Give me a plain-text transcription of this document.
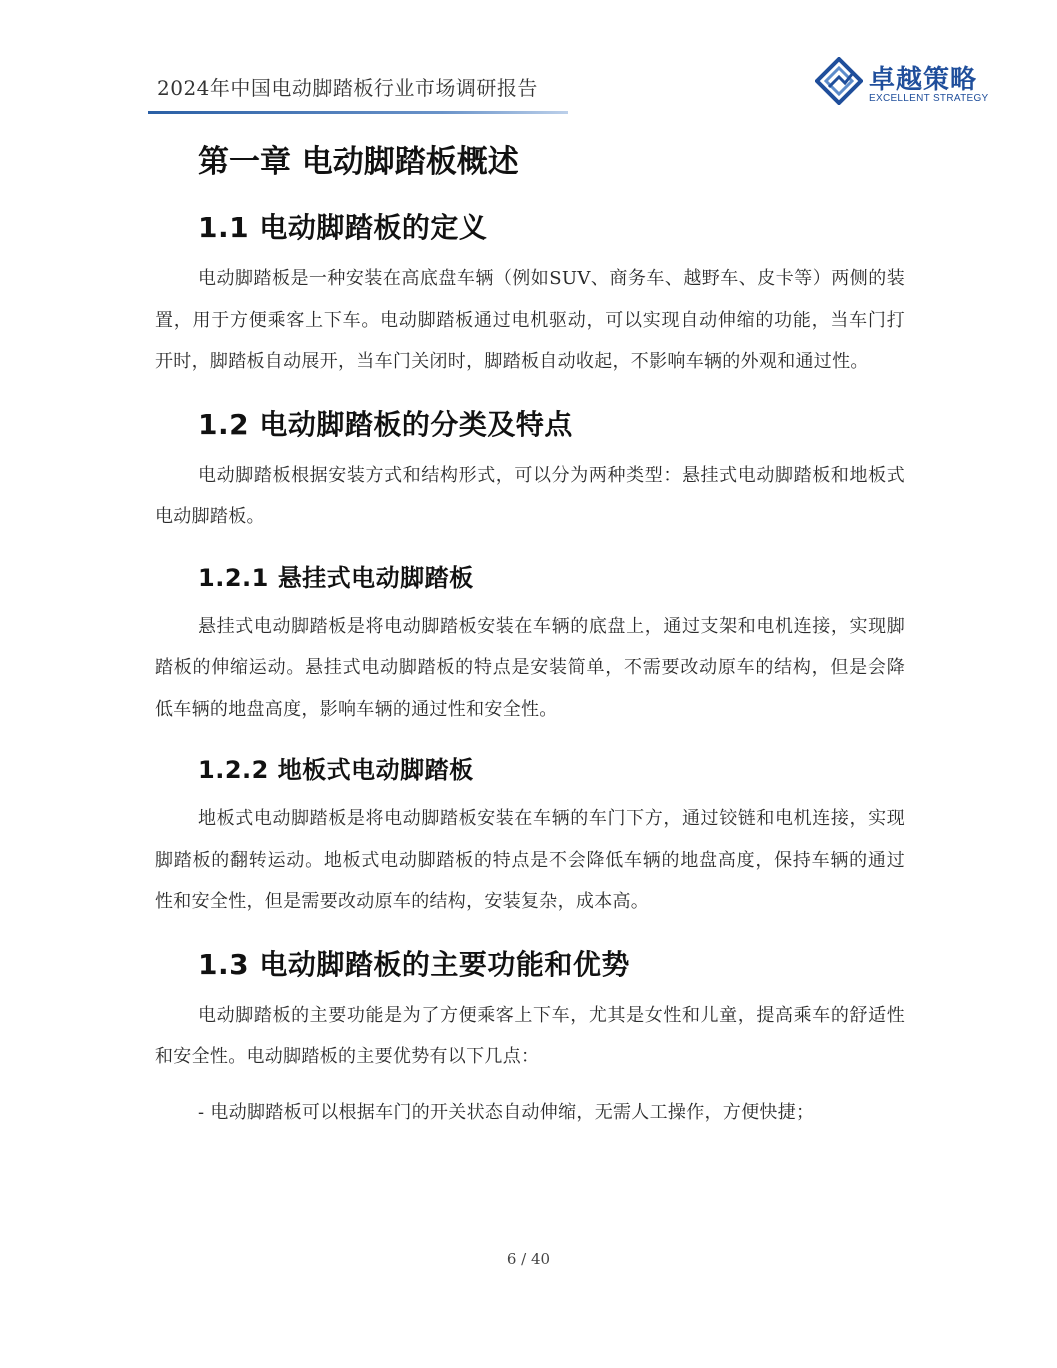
2024年中国电动脚踏板行业市场调研报告	卓越策略
EXCELLENT STRATEGY
第一章 电动脚踏板概述
1.1 电动脚踏板的定义

电动脚踏板是一种安装在高底盘车辆（例如SUV、商务车、越野车、皮卡等）两侧的装置，用于方便乘客上下车。电动脚踏板通过电机驱动，可以实现自动伸缩的功能，当车门打开时，脚踏板自动展开，当车门关闭时，脚踏板自动收起，不影响车辆的外观和通过性。

1.2 电动脚踏板的分类及特点

电动脚踏板根据安装方式和结构形式，可以分为两种类型：悬挂式电动脚踏板和地板式电动脚踏板。

1.2.1 悬挂式电动脚踏板

悬挂式电动脚踏板是将电动脚踏板安装在车辆的底盘上，通过支架和电机连接，实现脚踏板的伸缩运动。悬挂式电动脚踏板的特点是安装简单，不需要改动原车的结构，但是会降低车辆的地盘高度，影响车辆的通过性和安全性。

1.2.2 地板式电动脚踏板

地板式电动脚踏板是将电动脚踏板安装在车辆的车门下方，通过铰链和电机连接，实现脚踏板的翻转运动。地板式电动脚踏板的特点是不会降低车辆的地盘高度，保持车辆的通过性和安全性，但是需要改动原车的结构，安装复杂，成本高。

1.3 电动脚踏板的主要功能和优势

电动脚踏板的主要功能是为了方便乘客上下车，尤其是女性和儿童，提高乘车的舒适性和安全性。电动脚踏板的主要优势有以下几点：

- 电动脚踏板可以根据车门的开关状态自动伸缩，无需人工操作，方便快捷；
6 / 40
